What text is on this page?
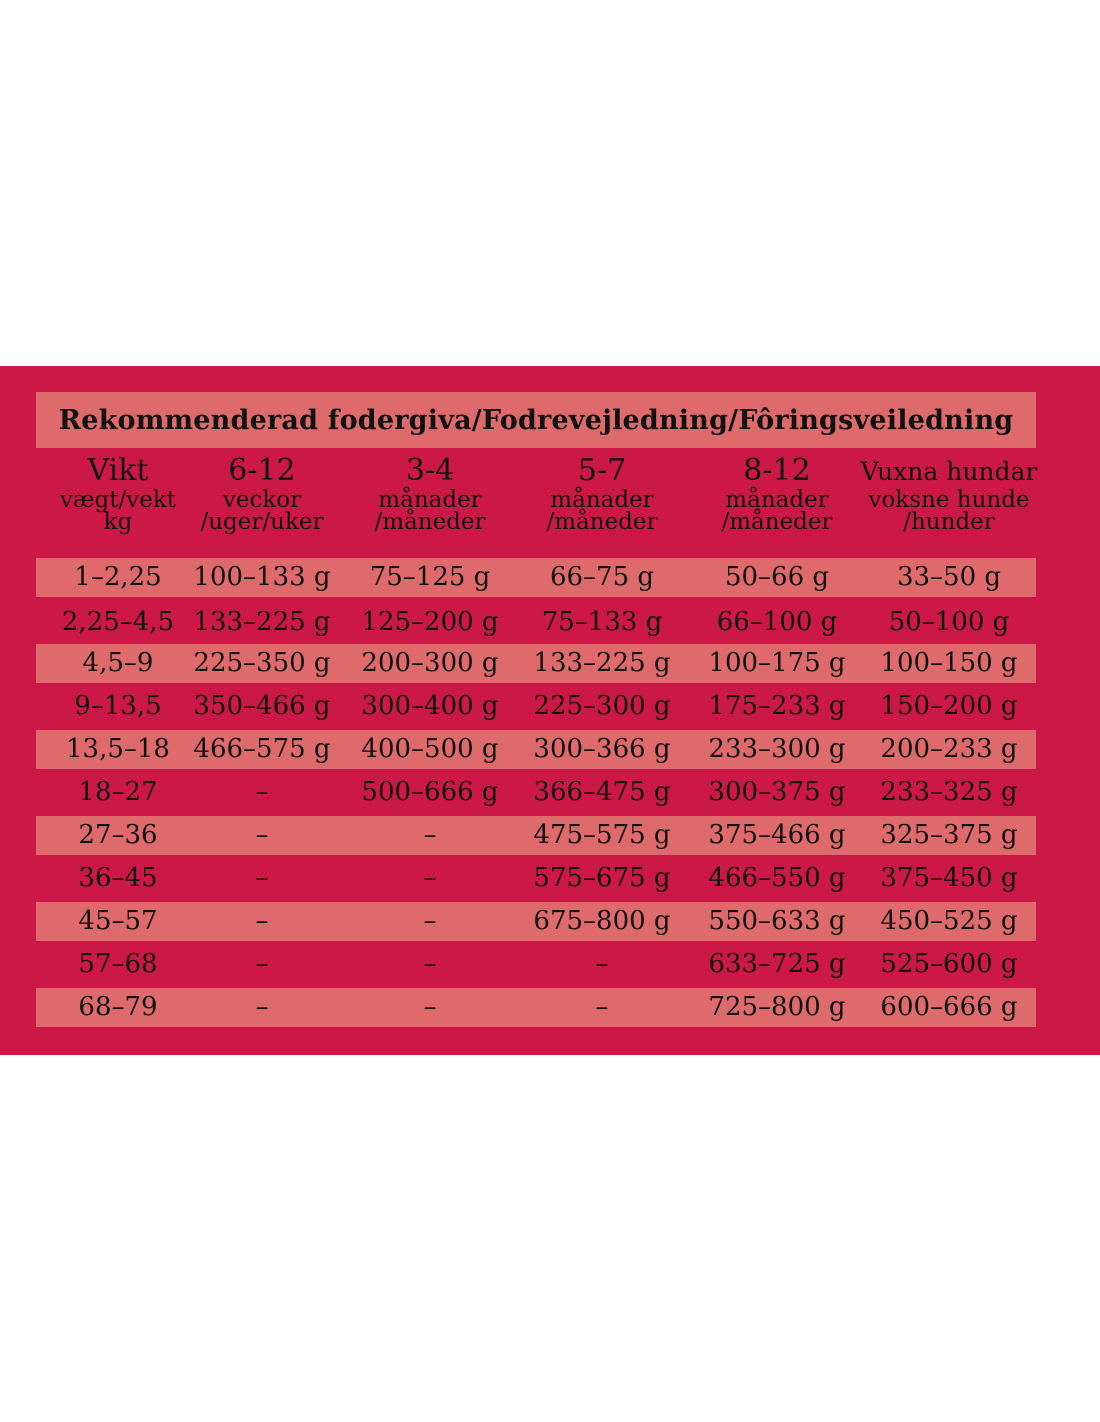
Rekommenderad fodergiva/Fodrevejledning/Fôringsveiledning
Vikt
vægt/vekt
kg
6-12
veckor
/uger/uker
3-4
månader
/måneder
5-7
månader
/måneder
8-12
månader
/måneder
Vuxna hundar
voksne hunde
/hunder
1–2,25	100–133 g	75–125 g	66–75 g	50–66 g	33–50 g
2,25–4,5 133–225 g	125–200 g	75–133 g	66–100 g	50–100 g
4,5–9	225–350 g	200–300 g	133–225 g	100–175 g	100–150 g
9–13,5	350–466 g	300–400 g	225–300 g	175–233 g	150–200 g
13,5–18 466–575 g	400–500 g	300–366 g	233–300 g	200–233 g
18–27	–	500–666 g	366–475 g	300–375 g	233–325 g
27–36	–	–	475–575 g	375–466 g	325–375 g
36–45	–	–	575–675 g	466–550 g	375–450 g
45–57	–	–	675–800 g	550–633 g	450–525 g
57–68	–	–	–	633–725 g	525–600 g
68–79	–	–	–	725–800 g	600–666 g
